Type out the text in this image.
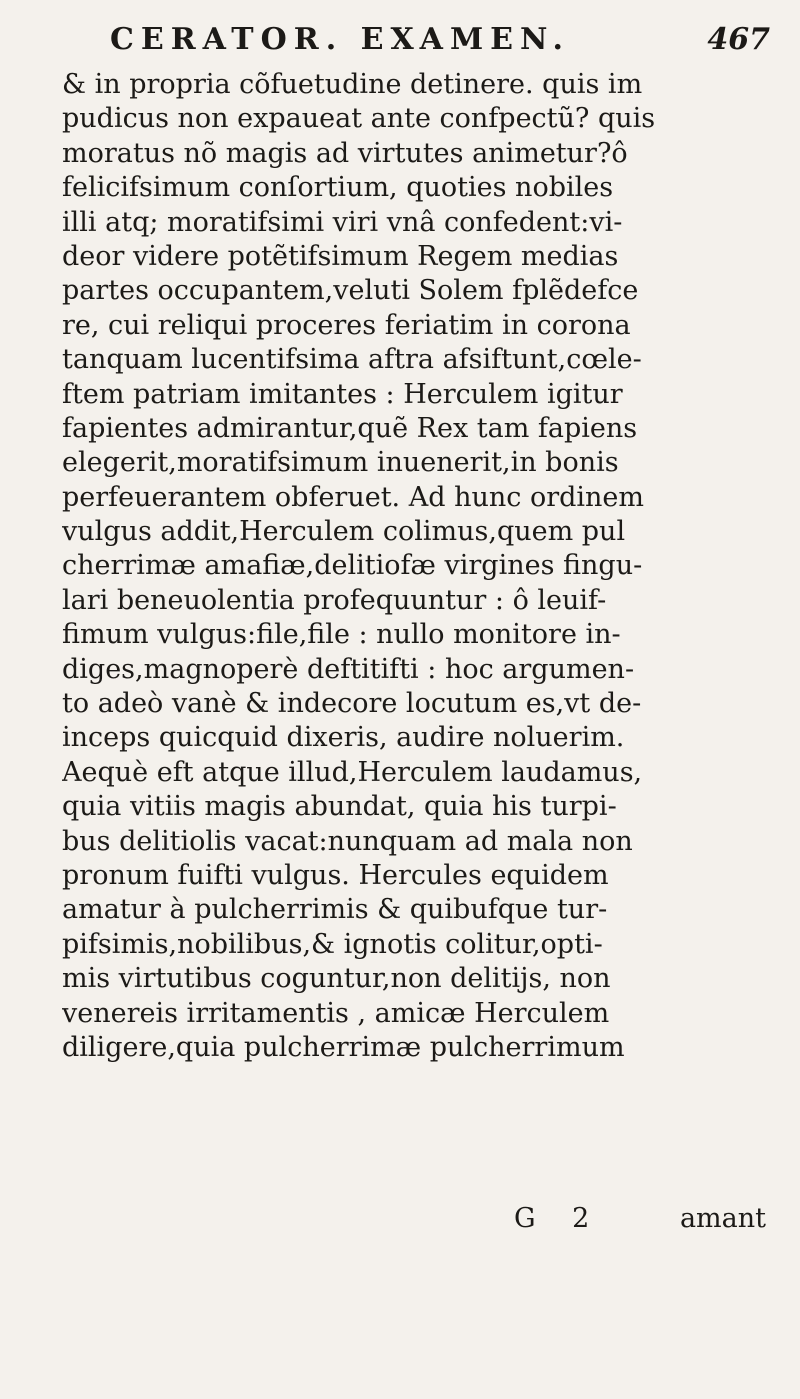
CERATOR. EXAMEN.	467
& in propria cõfuetudine detinere. quis im
pudicus non expaueat ante confpectũ? quis
moratus nõ magis ad virtutes animetur?ô
felicifsimum conſortium, quoties nobiles
illi atq; moratifsimi viri vnâ confedent:vi-
deor videre potẽtifsimum Regem medias
partes occupantem,veluti Solem fplẽdefce
re, cui reliqui proceres feriatim in corona
tanquam lucentifsima aftra afsiftunt,cœle-
ftem patriam imitantes : Herculem igitur
fapientes admirantur,quẽ Rex tam fapiens
elegerit,moratifsimum inuenerit,in bonis
perfeuerantem obferuet. Ad hunc ordinem
vulgus addit,Herculem colimus,quem pul
cherrimæ amafiæ,delitiofæ virgines fingu-
lari beneuolentia profequuntur : ô leuif-
fimum vulgus:file,file : nullo monitore in-
diges,magnoperè deftitifti : hoc argumen-
to adeò vanè & indecore locutum es,vt de-
inceps quicquid dixeris, audire noluerim.
Aequè eft atque illud,Herculem laudamus,
quia vitiis magis abundat, quia his turpi-
bus delitiolis vacat:nunquam ad mala non
pronum fuifti vulgus. Hercules equidem
amatur à pulcherrimis & quibufque tur-
pifsimis,nobilibus,& ignotis colitur,opti-
mis virtutibus coguntur,non delitijs, non
venereis irritamentis , amicæ Herculem
diligere,quia pulcherrimæ pulcherrimum
G 2	amant
